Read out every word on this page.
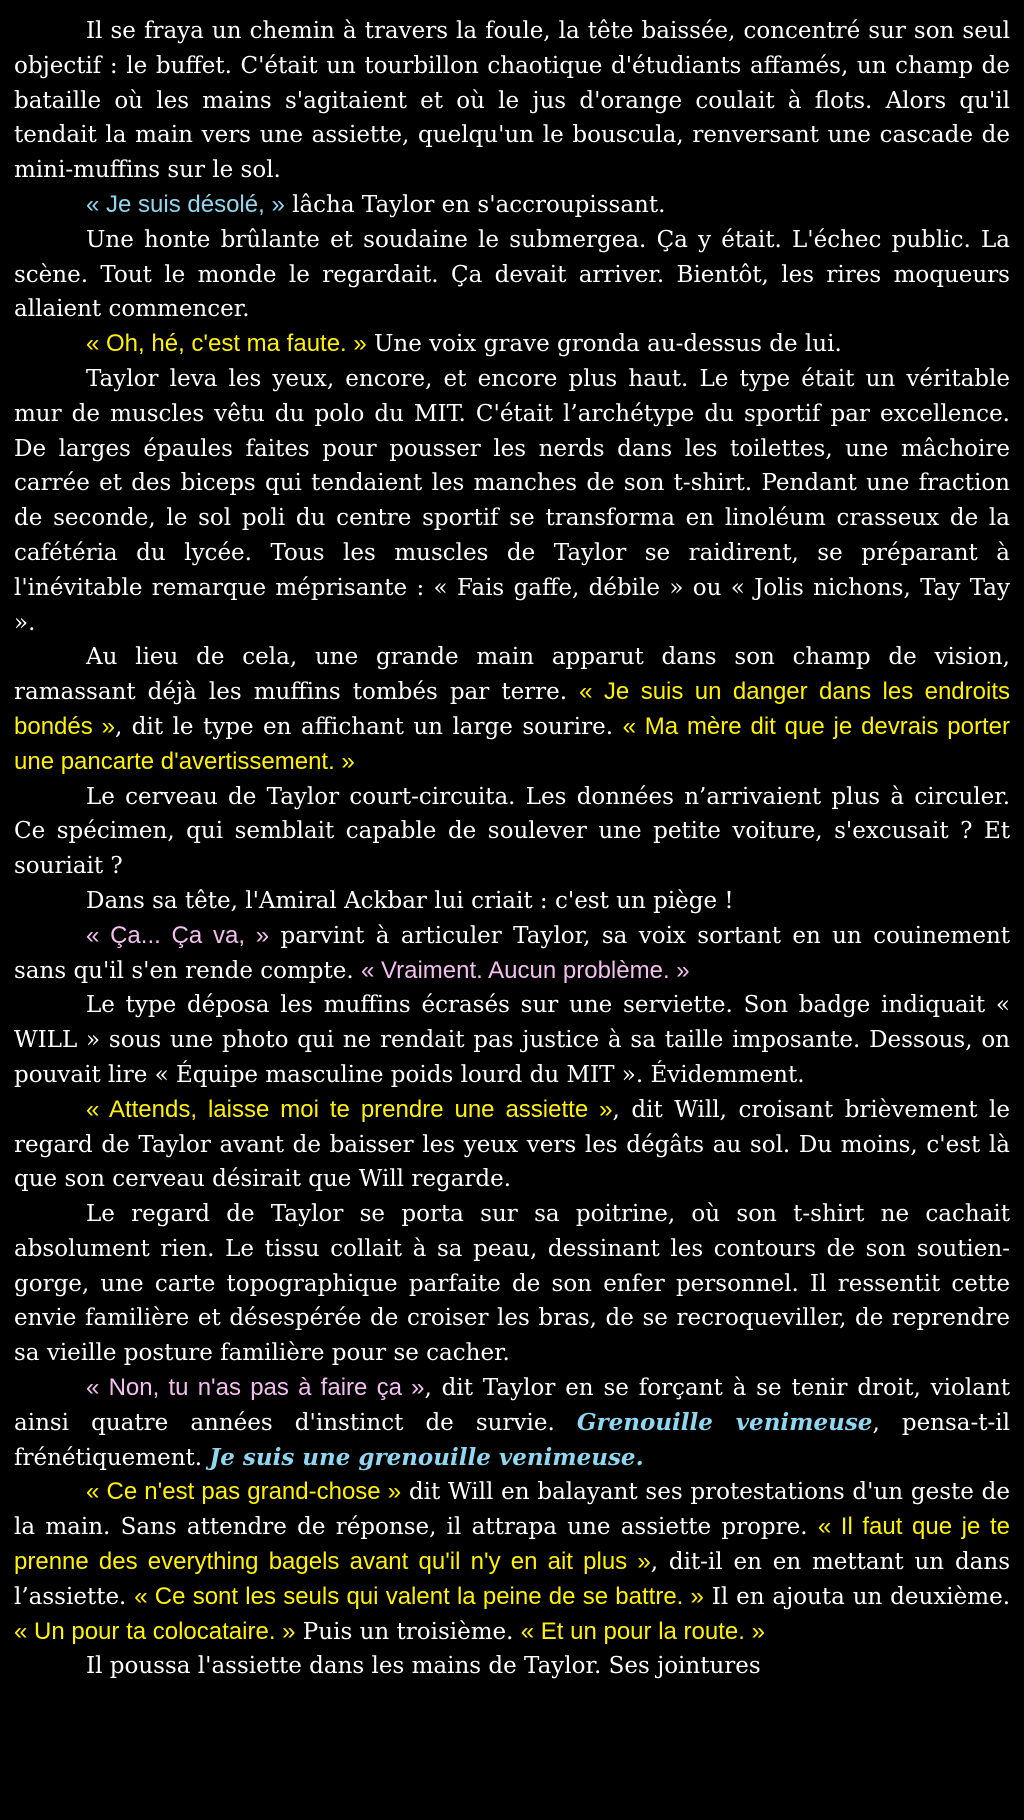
Il se fraya un chemin à travers la foule, la tête baissée, concentré sur son seul objectif : le buffet. C'était un tourbillon chaotique d'étudiants affamés, un champ de bataille où les mains s'agitaient et où le jus d'orange coulait à flots. Alors qu'il tendait la main vers une assiette, quelqu'un le bouscula, renversant une cascade de mini-muffins sur le sol.

« Je suis désolé, » lâcha Taylor en s'accroupissant.

Une honte brûlante et soudaine le submergea. Ça y était. L'échec public. La scène. Tout le monde le regardait. Ça devait arriver. Bientôt, les rires moqueurs allaient commencer.

« Oh, hé, c'est ma faute. » Une voix grave gronda au-dessus de lui.

Taylor leva les yeux, encore, et encore plus haut. Le type était un véritable mur de muscles vêtu du polo du MIT. C'était l’archétype du sportif par excellence. De larges épaules faites pour pousser les nerds dans les toilettes, une mâchoire carrée et des biceps qui tendaient les manches de son t-shirt. Pendant une fraction de seconde, le sol poli du centre sportif se transforma en linoléum crasseux de la cafétéria du lycée. Tous les muscles de Taylor se raidirent, se préparant à l'inévitable remarque méprisante : « Fais gaffe, débile » ou « Jolis nichons, Tay Tay ».

Au lieu de cela, une grande main apparut dans son champ de vision, ramassant déjà les muffins tombés par terre. « Je suis un danger dans les endroits bondés », dit le type en affichant un large sourire. « Ma mère dit que je devrais porter une pancarte d'avertissement. »

Le cerveau de Taylor court-circuita. Les données n’arrivaient plus à circuler. Ce spécimen, qui semblait capable de soulever une petite voiture, s'excusait ? Et souriait ?

Dans sa tête, l'Amiral Ackbar lui criait : c'est un piège !

« Ça... Ça va, » parvint à articuler Taylor, sa voix sortant en un couinement sans qu'il s'en rende compte. « Vraiment. Aucun problème. »

Le type déposa les muffins écrasés sur une serviette. Son badge indiquait « WILL » sous une photo qui ne rendait pas justice à sa taille imposante. Dessous, on pouvait lire « Équipe masculine poids lourd du MIT ». Évidemment.

« Attends, laisse moi te prendre une assiette », dit Will, croisant brièvement le regard de Taylor avant de baisser les yeux vers les dégâts au sol. Du moins, c'est là que son cerveau désirait que Will regarde.

Le regard de Taylor se porta sur sa poitrine, où son t-shirt ne cachait absolument rien. Le tissu collait à sa peau, dessinant les contours de son soutien-gorge, une carte topographique parfaite de son enfer personnel. Il ressentit cette envie familière et désespérée de croiser les bras, de se recroqueviller, de reprendre sa vieille posture familière pour se cacher.

« Non, tu n'as pas à faire ça », dit Taylor en se forçant à se tenir droit, violant ainsi quatre années d'instinct de survie. Grenouille venimeuse, pensa-t-il frénétiquement. Je suis une grenouille venimeuse.

« Ce n'est pas grand-chose » dit Will en balayant ses protestations d'un geste de la main. Sans attendre de réponse, il attrapa une assiette propre. « Il faut que je te prenne des everything bagels avant qu'il n'y en ait plus », dit-il en en mettant un dans l’assiette. « Ce sont les seuls qui valent la peine de se battre. » Il en ajouta un deuxième. « Un pour ta colocataire. » Puis un troisième. « Et un pour la route. »

Il poussa l'assiette dans les mains de Taylor. Ses jointures
